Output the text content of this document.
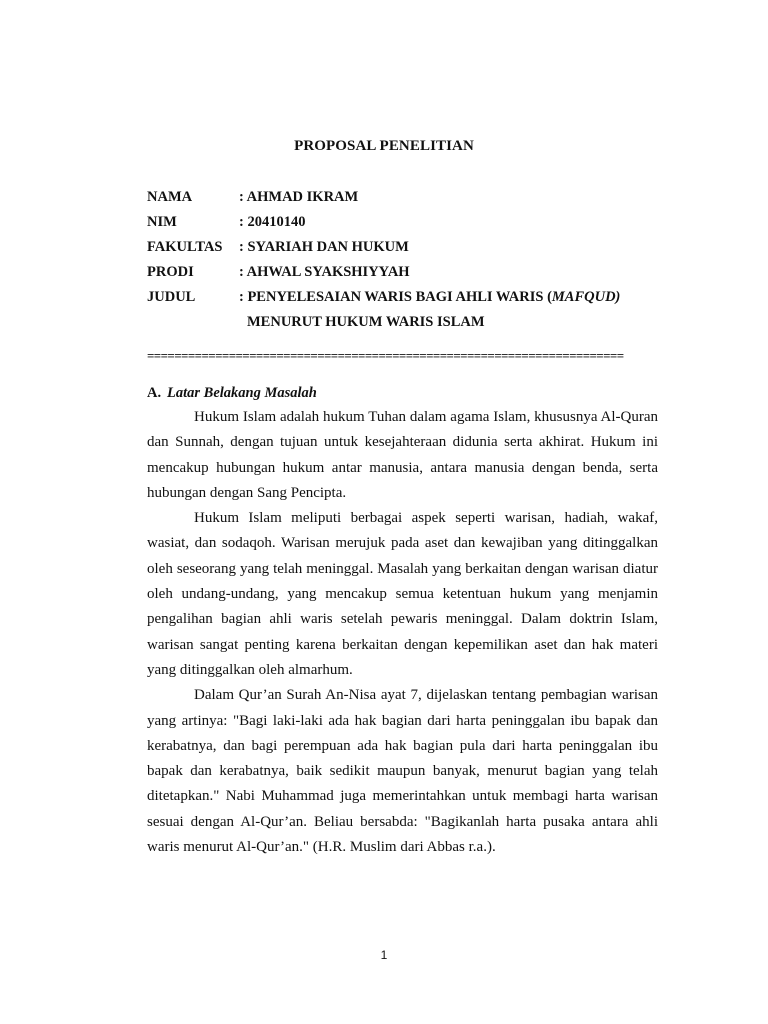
PROPOSAL PENELITIAN
NAMA	: AHMAD IKRAM
NIM	: 20410140
FAKULTAS	: SYARIAH DAN HUKUM
PRODI	: AHWAL SYAKSHIYYAH
JUDUL	: PENYELESAIAN WARIS BAGI AHLI WARIS (MAFQUD)
MENURUT HUKUM WARIS ISLAM
======================================================================
A. Latar Belakang Masalah

Hukum Islam adalah hukum Tuhan dalam agama Islam, khususnya Al-Quran dan Sunnah, dengan tujuan untuk kesejahteraan didunia serta akhirat. Hukum ini mencakup hubungan hukum antar manusia, antara manusia dengan benda, serta hubungan dengan Sang Pencipta.

Hukum Islam meliputi berbagai aspek seperti warisan, hadiah, wakaf, wasiat, dan sodaqoh. Warisan merujuk pada aset dan kewajiban yang ditinggalkan oleh seseorang yang telah meninggal. Masalah yang berkaitan dengan warisan diatur oleh undang-undang, yang mencakup semua ketentuan hukum yang menjamin pengalihan bagian ahli waris setelah pewaris meninggal. Dalam doktrin Islam, warisan sangat penting karena berkaitan dengan kepemilikan aset dan hak materi yang ditinggalkan oleh almarhum.

Dalam Qur’an Surah An-Nisa ayat 7, dijelaskan tentang pembagian warisan yang artinya: "Bagi laki-laki ada hak bagian dari harta peninggalan ibu bapak dan kerabatnya, dan bagi perempuan ada hak bagian pula dari harta peninggalan ibu bapak dan kerabatnya, baik sedikit maupun banyak, menurut bagian yang telah ditetapkan." Nabi Muhammad juga memerintahkan untuk membagi harta warisan sesuai dengan Al-Qur’an. Beliau bersabda: "Bagikanlah harta pusaka antara ahli waris menurut Al-Qur’an." (H.R. Muslim dari Abbas r.a.).

1
